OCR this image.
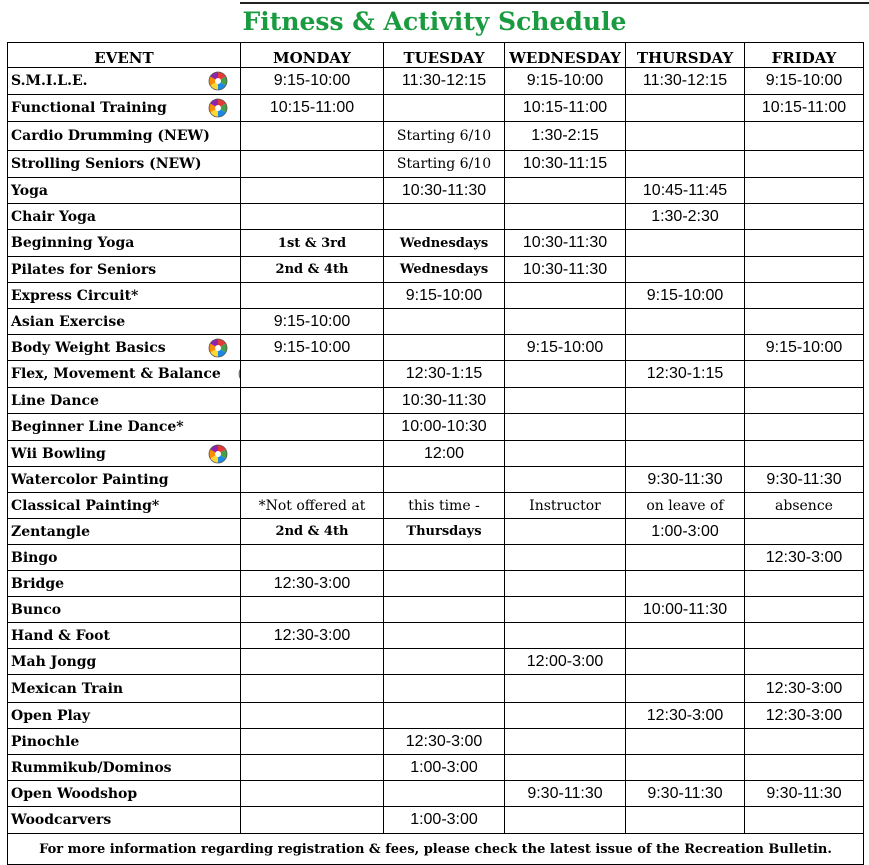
Fitness & Activity Schedule
EVENT	MONDAY	TUESDAY	WEDNESDAY	THURSDAY	FRIDAY
S.M.I.L.E.	9:15-10:00	11:30-12:15	9:15-10:00	11:30-12:15	9:15-10:00
Functional Training	10:15-11:00		10:15-11:00		10:15-11:00
Cardio Drumming (NEW)		Starting 6/10	1:30-2:15		
Strolling Seniors (NEW)		Starting 6/10	10:30-11:15		
Yoga		10:30-11:30		10:45-11:45	
Chair Yoga				1:30-2:30	
Beginning Yoga	1st & 3rd	Wednesdays	10:30-11:30		
Pilates for Seniors	2nd & 4th	Wednesdays	10:30-11:30		
Express Circuit*		9:15-10:00		9:15-10:00	
Asian Exercise	9:15-10:00				
Body Weight Basics	9:15-10:00		9:15-10:00		9:15-10:00
Flex, Movement & Balance		12:30-1:15		12:30-1:15	
Line Dance		10:30-11:30			
Beginner Line Dance*		10:00-10:30			
Wii Bowling		12:00			
Watercolor Painting				9:30-11:30	9:30-11:30
Classical Painting*	*Not offered at	this time -	Instructor	on leave of	absence
Zentangle	2nd & 4th	Thursdays		1:00-3:00	
Bingo					12:30-3:00
Bridge	12:30-3:00				
Bunco				10:00-11:30	
Hand & Foot	12:30-3:00				
Mah Jongg			12:00-3:00		
Mexican Train					12:30-3:00
Open Play				12:30-3:00	12:30-3:00
Pinochle		12:30-3:00			
Rummikub/Dominos		1:00-3:00			
Open Woodshop			9:30-11:30	9:30-11:30	9:30-11:30
Woodcarvers		1:00-3:00			
For more information regarding registration & fees, please check the latest issue of the Recreation Bulletin.					
